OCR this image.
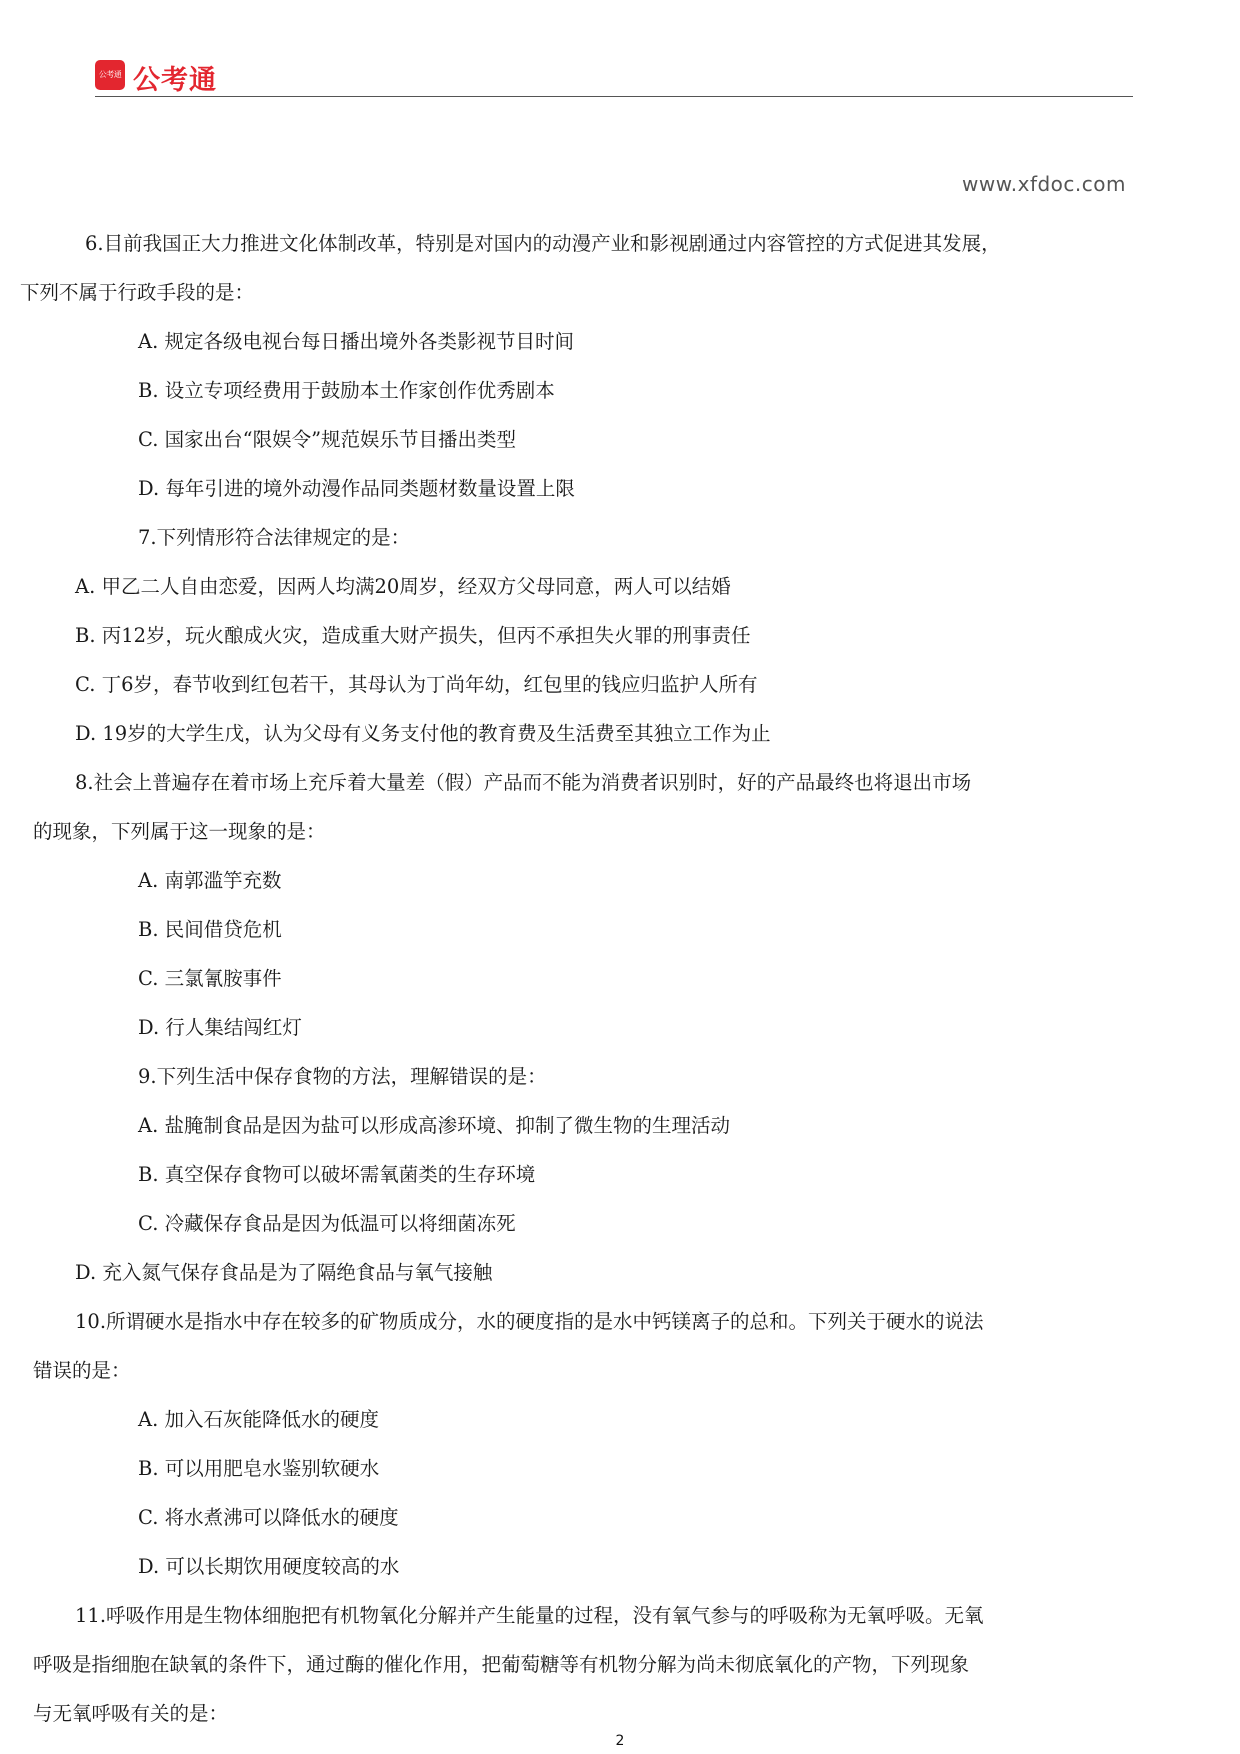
公考通 公考通
www.xfdoc.com
6.目前我国正大力推进文化体制改革，特别是对国内的动漫产业和影视剧通过内容管控的方式促进其发展，
下列不属于行政手段的是：
A. 规定各级电视台每日播出境外各类影视节目时间
B. 设立专项经费用于鼓励本土作家创作优秀剧本
C. 国家出台“限娱令”规范娱乐节目播出类型
D. 每年引进的境外动漫作品同类题材数量设置上限
7.下列情形符合法律规定的是：
A. 甲乙二人自由恋爱，因两人均满20周岁，经双方父母同意，两人可以结婚
B. 丙12岁，玩火酿成火灾，造成重大财产损失，但丙不承担失火罪的刑事责任
C. 丁6岁，春节收到红包若干，其母认为丁尚年幼，红包里的钱应归监护人所有
D. 19岁的大学生戊，认为父母有义务支付他的教育费及生活费至其独立工作为止
8.社会上普遍存在着市场上充斥着大量差（假）产品而不能为消费者识别时，好的产品最终也将退出市场
的现象，下列属于这一现象的是：
A. 南郭滥竽充数
B. 民间借贷危机
C. 三氯氰胺事件
D. 行人集结闯红灯
9.下列生活中保存食物的方法，理解错误的是：
A. 盐腌制食品是因为盐可以形成高渗环境、抑制了微生物的生理活动
B. 真空保存食物可以破坏需氧菌类的生存环境
C. 冷藏保存食品是因为低温可以将细菌冻死
D. 充入氮气保存食品是为了隔绝食品与氧气接触
10.所谓硬水是指水中存在较多的矿物质成分，水的硬度指的是水中钙镁离子的总和。下列关于硬水的说法
错误的是：
A. 加入石灰能降低水的硬度
B. 可以用肥皂水鉴别软硬水
C. 将水煮沸可以降低水的硬度
D. 可以长期饮用硬度较高的水
11.呼吸作用是生物体细胞把有机物氧化分解并产生能量的过程，没有氧气参与的呼吸称为无氧呼吸。无氧
呼吸是指细胞在缺氧的条件下，通过酶的催化作用，把葡萄糖等有机物分解为尚未彻底氧化的产物，下列现象
与无氧呼吸有关的是：
2
